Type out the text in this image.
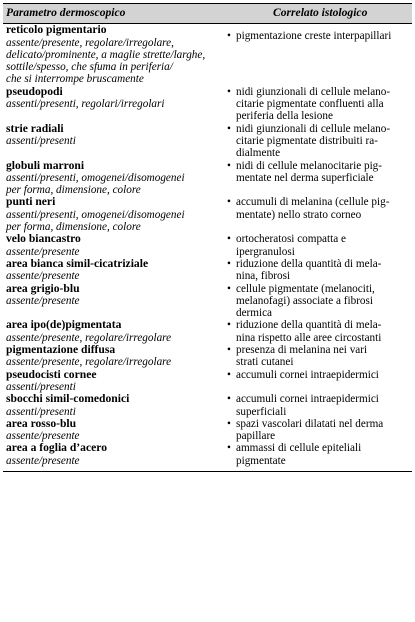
Parametro dermoscopico	Correlato istologico

reticolo pigmentario
assente/presente, regolare/irregolare,
delicato/prominente, a maglie strette/larghe,
sottile/spesso, che sfuma in periferia/
che si interrompe bruscamente	• pigmentazione creste interpapillari

pseudopodi
assenti/presenti, regolari/irregolari	• nidi giunzionali di cellule melano-
citarie pigmentate confluenti alla
periferia della lesione

strie radiali
assenti/presenti	• nidi giunzionali di cellule melano-
citarie pigmentate distribuiti ra-
dialmente

globuli marroni
assenti/presenti, omogenei/disomogenei
per forma, dimensione, colore	• nidi di cellule melanocitarie pig-
mentate nel derma superficiale

punti neri
assenti/presenti, omogenei/disomogenei
per forma, dimensione, colore	• accumuli di melanina (cellule pig-
mentate) nello strato corneo

velo biancastro
assente/presente	• ortocheratosi compatta e
ipergranulosi

area bianca simil-cicatriziale
assente/presente	• riduzione della quantità di mela-
nina, fibrosi

area grigio-blu
assente/presente	• cellule pigmentate (melanociti,
melanofagi) associate a fibrosi
dermica

area ipo(de)pigmentata
assente/presente, regolare/irregolare	• riduzione della quantità di mela-
nina rispetto alle aree circostanti

pigmentazione diffusa
assente/presente, regolare/irregolare	• presenza di melanina nei vari
strati cutanei

pseudocisti cornee
assenti/presenti	• accumuli cornei intraepidermici

sbocchi simil-comedonici
assenti/presenti	• accumuli cornei intraepidermici
superficiali

area rosso-blu
assente/presente	• spazi vascolari dilatati nel derma
papillare

area a foglia d’acero
assente/presente	• ammassi di cellule epiteliali
pigmentate
